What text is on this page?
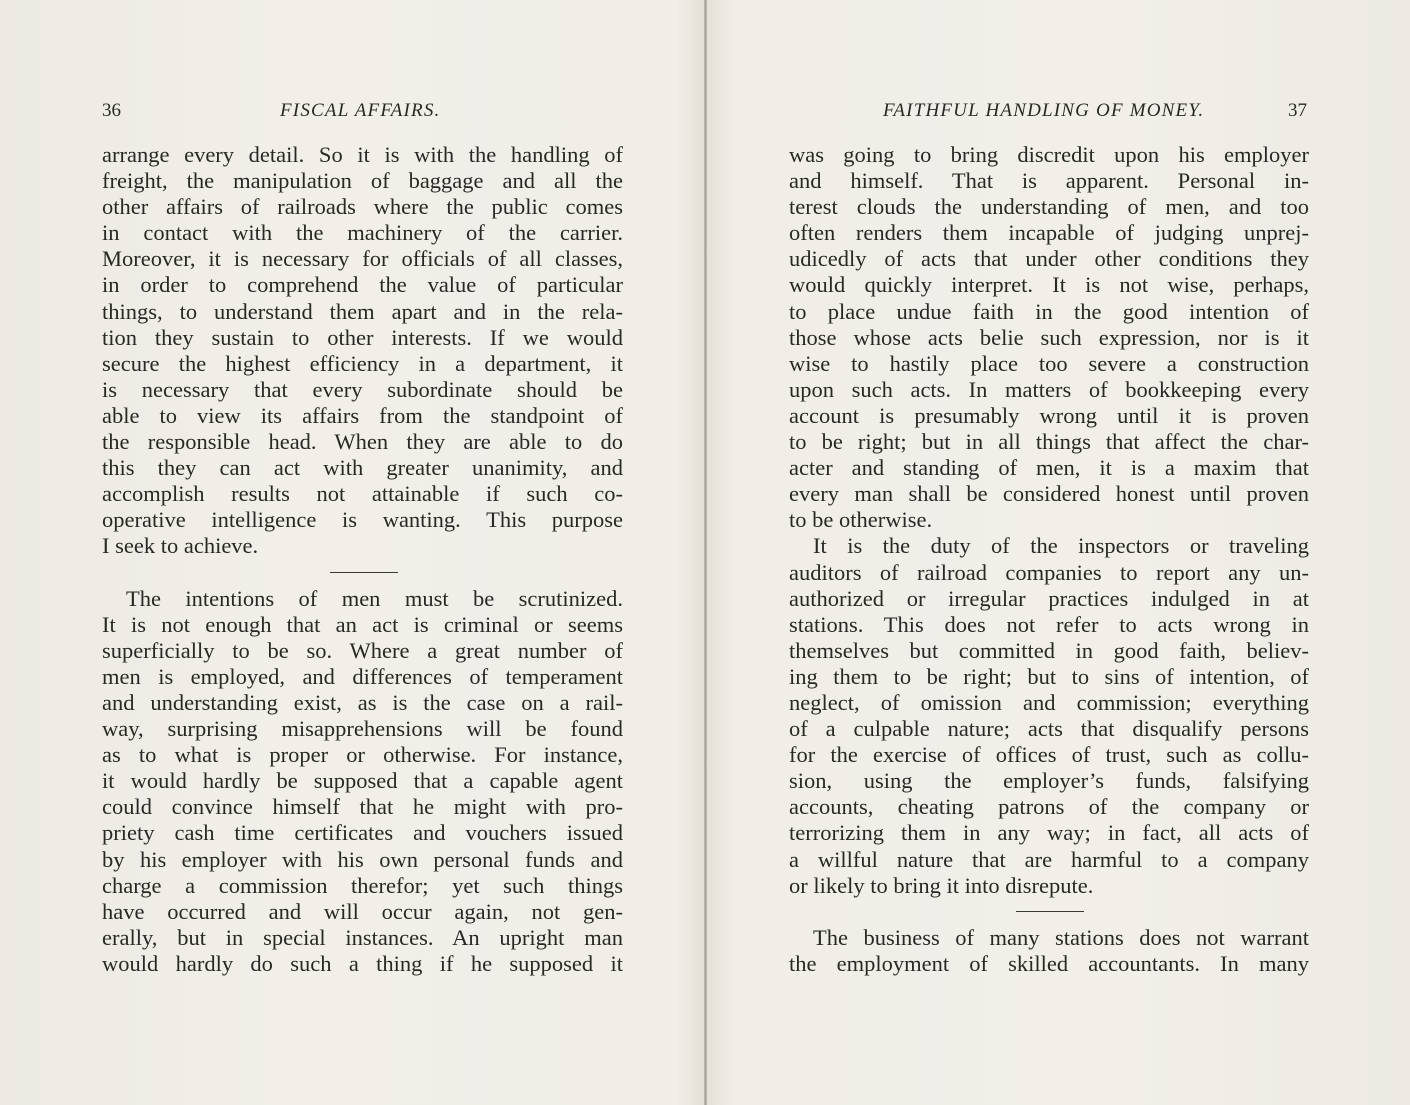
36	FISCAL AFFAIRS.
arrange every detail. So it is with the handling of
freight, the manipulation of baggage and all the
other affairs of railroads where the public comes
in contact with the machinery of the carrier.
Moreover, it is necessary for officials of all classes,
in order to comprehend the value of particular
things, to understand them apart and in the rela-
tion they sustain to other interests. If we would
secure the highest efficiency in a department, it
is necessary that every subordinate should be
able to view its affairs from the standpoint of
the responsible head. When they are able to do
this they can act with greater unanimity, and
accomplish results not attainable if such co-
operative intelligence is wanting. This purpose
I seek to achieve.
The intentions of men must be scrutinized.
It is not enough that an act is criminal or seems
superficially to be so. Where a great number of
men is employed, and differences of temperament
and understanding exist, as is the case on a rail-
way, surprising misapprehensions will be found
as to what is proper or otherwise. For instance,
it would hardly be supposed that a capable agent
could convince himself that he might with pro-
priety cash time certificates and vouchers issued
by his employer with his own personal funds and
charge a commission therefor; yet such things
have occurred and will occur again, not gen-
erally, but in special instances. An upright man
would hardly do such a thing if he supposed it
FAITHFUL HANDLING OF MONEY.	37
was going to bring discredit upon his employer
and himself. That is apparent. Personal in-
terest clouds the understanding of men, and too
often renders them incapable of judging unprej-
udicedly of acts that under other conditions they
would quickly interpret. It is not wise, perhaps,
to place undue faith in the good intention of
those whose acts belie such expression, nor is it
wise to hastily place too severe a construction
upon such acts. In matters of bookkeeping every
account is presumably wrong until it is proven
to be right; but in all things that affect the char-
acter and standing of men, it is a maxim that
every man shall be considered honest until proven
to be otherwise.
It is the duty of the inspectors or traveling
auditors of railroad companies to report any un-
authorized or irregular practices indulged in at
stations. This does not refer to acts wrong in
themselves but committed in good faith, believ-
ing them to be right; but to sins of intention, of
neglect, of omission and commission; everything
of a culpable nature; acts that disqualify persons
for the exercise of offices of trust, such as collu-
sion, using the employer’s funds, falsifying
accounts, cheating patrons of the company or
terrorizing them in any way; in fact, all acts of
a willful nature that are harmful to a company
or likely to bring it into disrepute.
The business of many stations does not warrant
the employment of skilled accountants. In many
